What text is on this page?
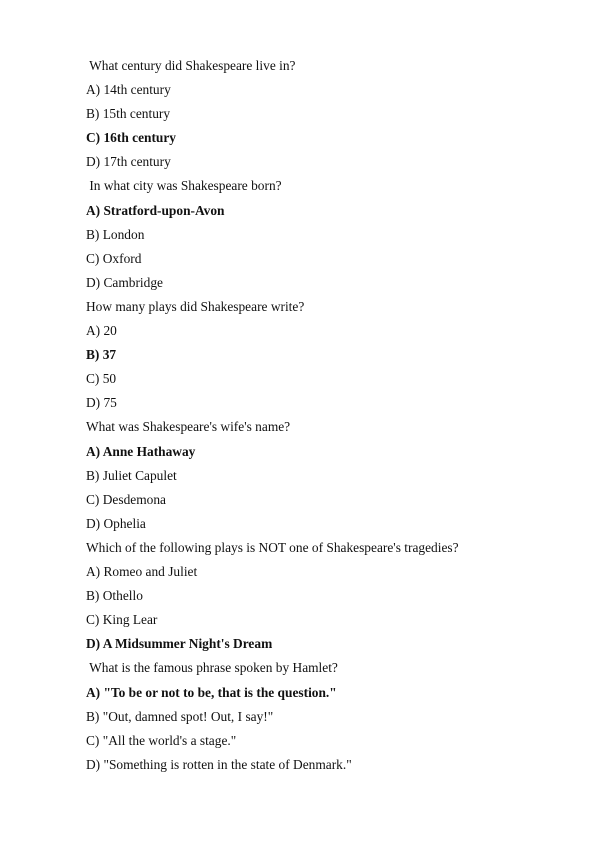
What century did Shakespeare live in?
A) 14th century
B) 15th century
C) 16th century
D) 17th century
In what city was Shakespeare born?
A) Stratford-upon-Avon
B) London
C) Oxford
D) Cambridge
How many plays did Shakespeare write?
A) 20
B) 37
C) 50
D) 75
What was Shakespeare's wife's name?
A) Anne Hathaway
B) Juliet Capulet
C) Desdemona
D) Ophelia
Which of the following plays is NOT one of Shakespeare's tragedies?
A) Romeo and Juliet
B) Othello
C) King Lear
D) A Midsummer Night's Dream
What is the famous phrase spoken by Hamlet?
A) "To be or not to be, that is the question."
B) "Out, damned spot! Out, I say!"
C) "All the world's a stage."
D) "Something is rotten in the state of Denmark."
